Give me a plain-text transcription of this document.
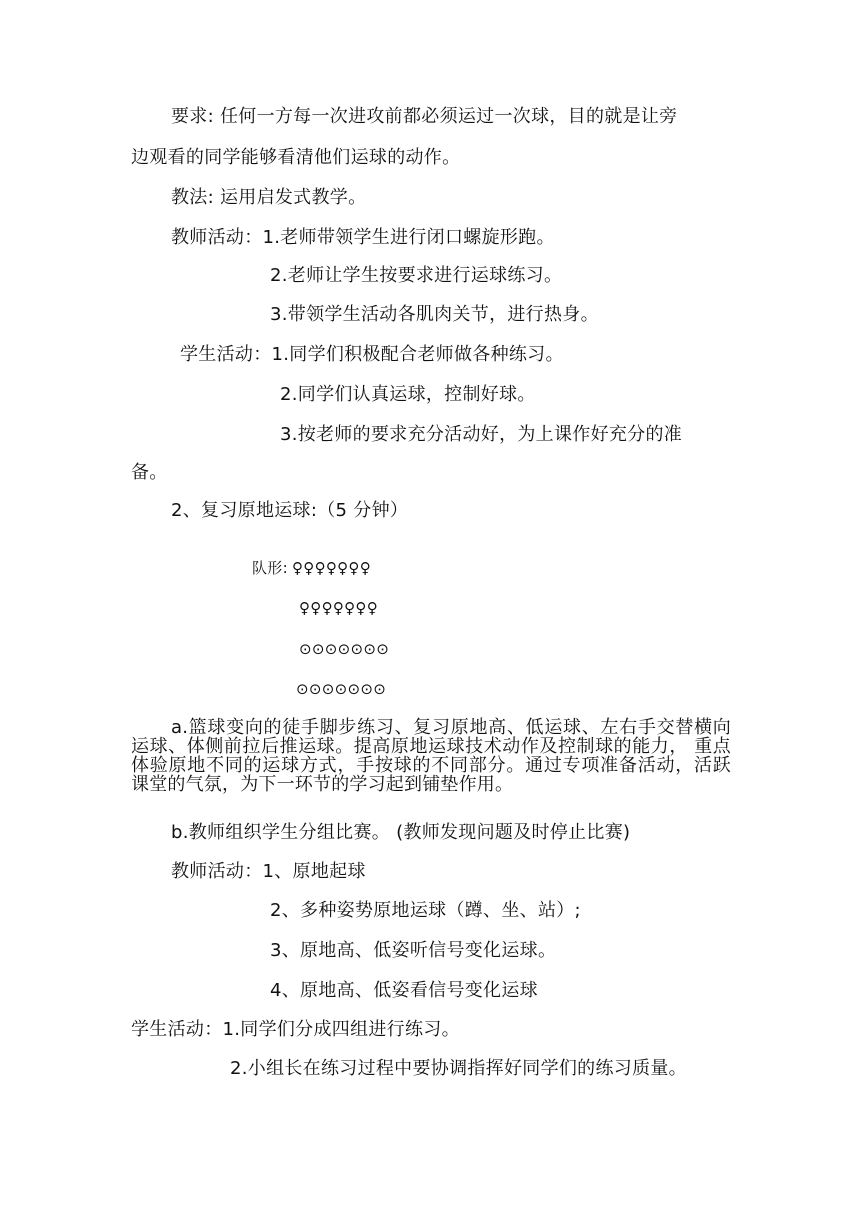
要求: 任何一方每一次进攻前都必须运过一次球，目的就是让旁
边观看的同学能够看清他们运球的动作。
教法: 运用启发式教学。
教师活动：1.老师带领学生进行闭口螺旋形跑。
2.老师让学生按要求进行运球练习。
3.带领学生活动各肌肉关节，进行热身。
学生活动：1.同学们积极配合老师做各种练习。
2.同学们认真运球，控制好球。
3.按老师的要求充分活动好，为上课作好充分的准
备。
2、复习原地运球:（5 分钟）
队形: ♀♀♀♀♀♀♀
♀♀♀♀♀♀♀
⊙⊙⊙⊙⊙⊙⊙
⊙⊙⊙⊙⊙⊙⊙
a.篮球变向的徒手脚步练习、复习原地高、低运球、左右手交替横向运球、体侧前拉后推运球。提高原地运球技术动作及控制球的能力， 重点体验原地不同的运球方式，手按球的不同部分。通过专项准备活动，活跃课堂的气氛，为下一环节的学习起到铺垫作用。
b.教师组织学生分组比赛。 (教师发现问题及时停止比赛)
教师活动：1、原地起球
2、多种姿势原地运球（蹲、坐、站）;
3、原地高、低姿听信号变化运球。
4、原地高、低姿看信号变化运球
学生活动：1.同学们分成四组进行练习。
2.小组长在练习过程中要协调指挥好同学们的练习质量。
